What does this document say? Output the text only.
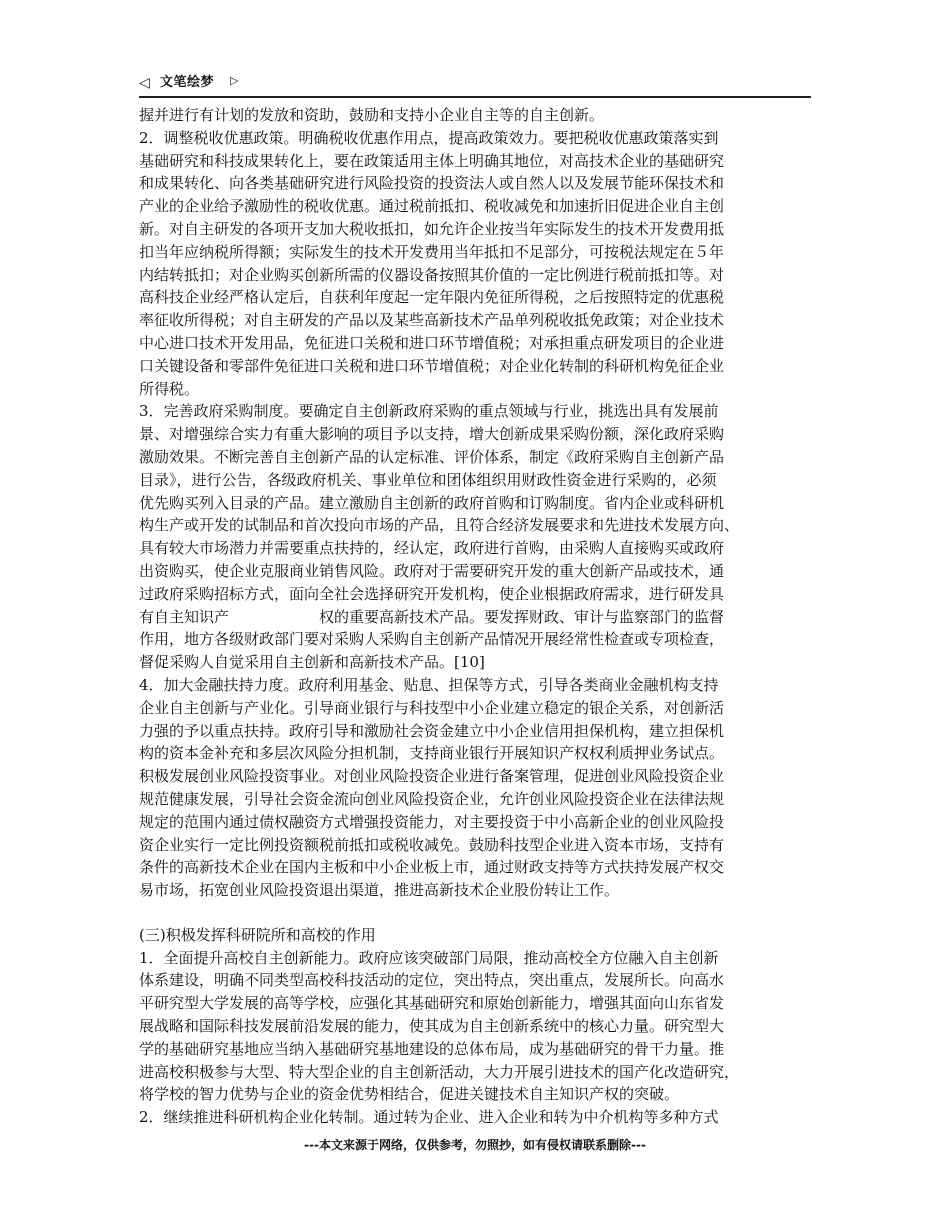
◁ 文笔绘梦 ▷

握并进行有计划的发放和资助，鼓励和支持小企业自主等的自主创新。

2．调整税收优惠政策。明确税收优惠作用点，提高政策效力。要把税收优惠政策落实到

基础研究和科技成果转化上，要在政策适用主体上明确其地位，对高技术企业的基础研究

和成果转化、向各类基础研究进行风险投资的投资法人或自然人以及发展节能环保技术和

产业的企业给予激励性的税收优惠。通过税前抵扣、税收减免和加速折旧促进企业自主创

新。对自主研发的各项开支加大税收抵扣，如允许企业按当年实际发生的技术开发费用抵

扣当年应纳税所得额；实际发生的技术开发费用当年抵扣不足部分，可按税法规定在５年

内结转抵扣；对企业购买创新所需的仪器设备按照其价值的一定比例进行税前抵扣等。对

高科技企业经严格认定后，自获利年度起一定年限内免征所得税，之后按照特定的优惠税

率征收所得税；对自主研发的产品以及某些高新技术产品单列税收抵免政策；对企业技术

中心进口技术开发用品，免征进口关税和进口环节增值税；对承担重点研发项目的企业进

口关键设备和零部件免征进口关税和进口环节增值税；对企业化转制的科研机构免征企业

所得税。

3．完善政府采购制度。要确定自主创新政府采购的重点领域与行业，挑选出具有发展前

景、对增强综合实力有重大影响的项目予以支持，增大创新成果采购份额，深化政府采购

激励效果。不断完善自主创新产品的认定标准、评价体系，制定《政府采购自主创新产品

目录》，进行公告，各级政府机关、事业单位和团体组织用财政性资金进行采购的，必须

优先购买列入目录的产品。建立激励自主创新的政府首购和订购制度。省内企业或科研机

构生产或开发的试制品和首次投向市场的产品，且符合经济发展要求和先进技术发展方向、

具有较大市场潜力并需要重点扶持的，经认定，政府进行首购，由采购人直接购买或政府

出资购买，使企业克服商业销售风险。政府对于需要研究开发的重大创新产品或技术，通

过政府采购招标方式，面向全社会选择研究开发机构，使企业根据政府需求，进行研发具

有自主知识产　　　　　　权的重要高新技术产品。要发挥财政、审计与监察部门的监督

作用，地方各级财政部门要对采购人采购自主创新产品情况开展经常性检查或专项检查，

督促采购人自觉采用自主创新和高新技术产品。[10]

4．加大金融扶持力度。政府利用基金、贴息、担保等方式，引导各类商业金融机构支持

企业自主创新与产业化。引导商业银行与科技型中小企业建立稳定的银企关系，对创新活

力强的予以重点扶持。政府引导和激励社会资金建立中小企业信用担保机构，建立担保机

构的资本金补充和多层次风险分担机制，支持商业银行开展知识产权权利质押业务试点。

积极发展创业风险投资事业。对创业风险投资企业进行备案管理，促进创业风险投资企业

规范健康发展，引导社会资金流向创业风险投资企业，允许创业风险投资企业在法律法规

规定的范围内通过债权融资方式增强投资能力，对主要投资于中小高新企业的创业风险投

资企业实行一定比例投资额税前抵扣或税收减免。鼓励科技型企业进入资本市场，支持有

条件的高新技术企业在国内主板和中小企业板上市，通过财政支持等方式扶持发展产权交

易市场，拓宽创业风险投资退出渠道，推进高新技术企业股份转让工作。

(三)积极发挥科研院所和高校的作用

1．全面提升高校自主创新能力。政府应该突破部门局限，推动高校全方位融入自主创新

体系建设，明确不同类型高校科技活动的定位，突出特点，突出重点，发展所长。向高水

平研究型大学发展的高等学校，应强化其基础研究和原始创新能力，增强其面向山东省发

展战略和国际科技发展前沿发展的能力，使其成为自主创新系统中的核心力量。研究型大

学的基础研究基地应当纳入基础研究基地建设的总体布局，成为基础研究的骨干力量。推

进高校积极参与大型、特大型企业的自主创新活动，大力开展引进技术的国产化改造研究，

将学校的智力优势与企业的资金优势相结合，促进关键技术自主知识产权的突破。

2．继续推进科研机构企业化转制。通过转为企业、进入企业和转为中介机构等多种方式

---本文来源于网络，仅供参考，勿照抄，如有侵权请联系删除---
